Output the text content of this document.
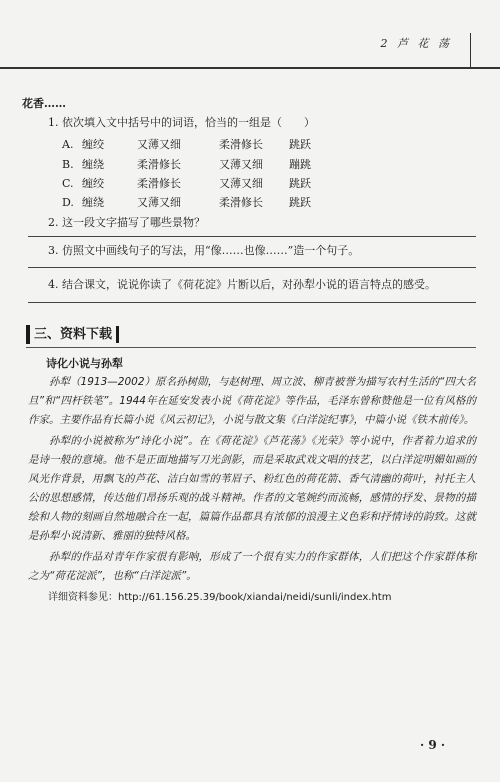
2 芦 花 荡
花香……
1. 依次填入文中括号中的词语，恰当的一组是（　　）
A. 缠绞	又薄又细	柔滑修长 跳跃
B. 缠绕	柔滑修长	又薄又细 蹦跳
C. 缠绞	柔滑修长	又薄又细 跳跃
D. 缠绕	又薄又细	柔滑修长 跳跃
2. 这一段文字描写了哪些景物？
3. 仿照文中画线句子的写法，用“像……也像……”造一个句子。
4. 结合课文，说说你读了《荷花淀》片断以后，对孙犁小说的语言特点的感受。
三、资料下载
诗化小说与孙犁

孙犁（1913—2002）原名孙树勋，与赵树理、周立波、柳青被誉为描写农村生活的“四大名旦”和“四杆铁笔”。1944年在延安发表小说《荷花淀》等作品，毛泽东曾称赞他是一位有风格的作家。主要作品有长篇小说《风云初记》，小说与散文集《白洋淀纪事》，中篇小说《铁木前传》。

孙犁的小说被称为“诗化小说”。在《荷花淀》《芦花荡》《光荣》等小说中，作者着力追求的是诗一般的意境。他不是正面地描写刀光剑影，而是采取武戏文唱的技艺，以白洋淀明媚如画的风光作背景，用飘飞的芦花、洁白如雪的苇眉子、粉红色的荷花箭、香气清幽的荷叶，衬托主人公的思想感情，传达他们昂扬乐观的战斗精神。作者的文笔婉约而流畅，感情的抒发、景物的描绘和人物的刻画自然地融合在一起，篇篇作品都具有浓郁的浪漫主义色彩和抒情诗的韵致。这就是孙犁小说清新、雅丽的独特风格。

孙犁的作品对青年作家很有影响，形成了一个很有实力的作家群体，人们把这个作家群体称之为“荷花淀派”，也称“白洋淀派”。

详细资料参见：http://61.156.25.39/book/xiandai/neidi/sunli/index.htm
· 9 ·
